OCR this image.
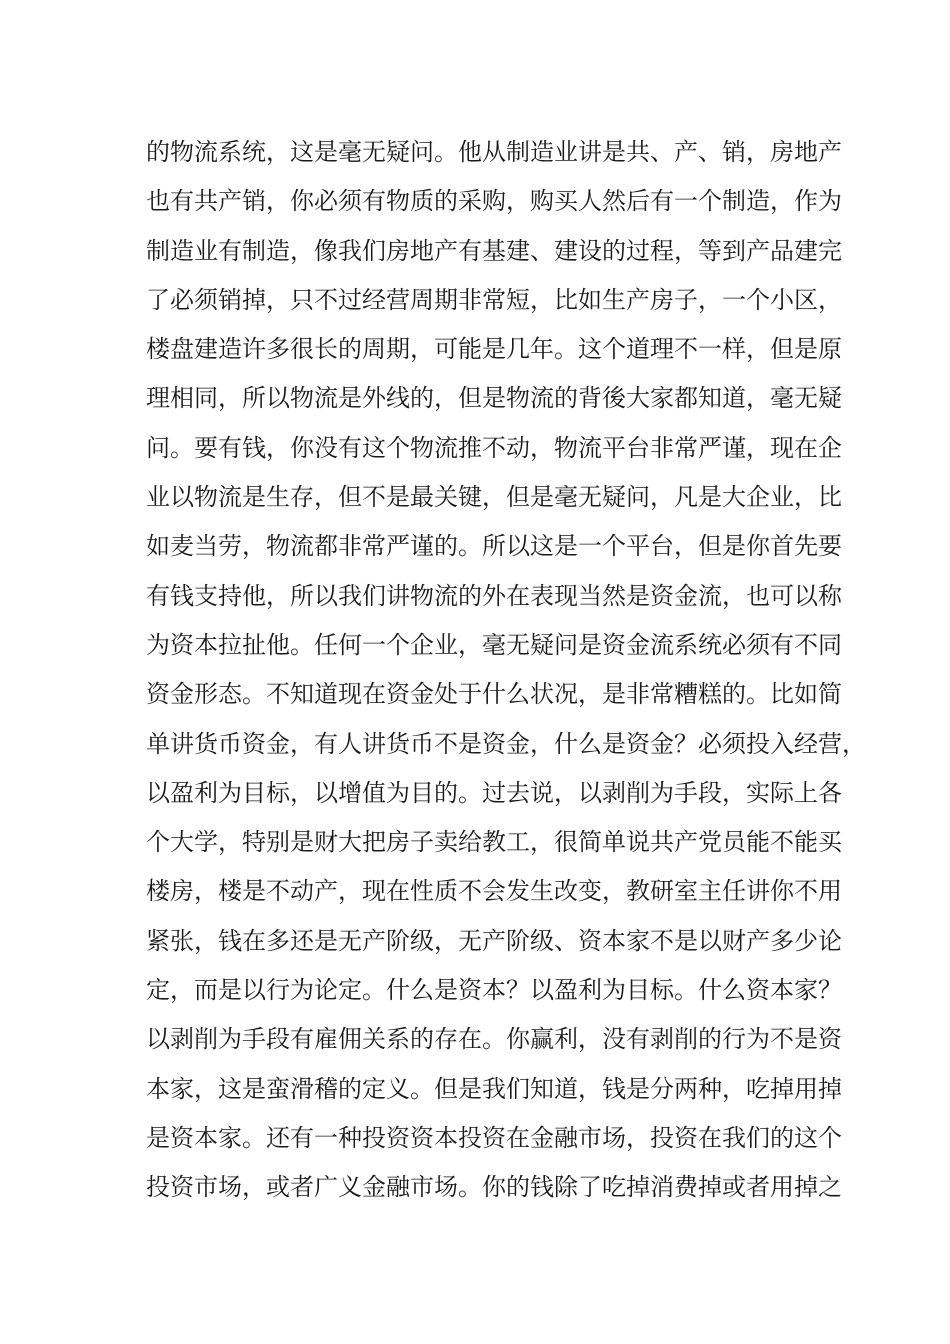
的物流系统，这是毫无疑问。他从制造业讲是共、产、销，房地产
也有共产销，你必须有物质的采购，购买人然后有一个制造，作为
制造业有制造，像我们房地产有基建、建设的过程，等到产品建完
了必须销掉，只不过经营周期非常短，比如生产房子，一个小区，
楼盘建造许多很长的周期，可能是几年。这个道理不一样，但是原
理相同，所以物流是外线的，但是物流的背後大家都知道，毫无疑
问。要有钱，你没有这个物流推不动，物流平台非常严谨，现在企
业以物流是生存，但不是最关键，但是毫无疑问，凡是大企业，比
如麦当劳，物流都非常严谨的。所以这是一个平台，但是你首先要
有钱支持他，所以我们讲物流的外在表现当然是资金流，也可以称
为资本拉扯他。任何一个企业，毫无疑问是资金流系统必须有不同
资金形态。不知道现在资金处于什么状况，是非常糟糕的。比如简
单讲货币资金，有人讲货币不是资金，什么是资金？必须投入经营，
以盈利为目标，以增值为目的。过去说，以剥削为手段，实际上各
个大学，特别是财大把房子卖给教工，很简单说共产党员能不能买
楼房，楼是不动产，现在性质不会发生改变，教研室主任讲你不用
紧张，钱在多还是无产阶级，无产阶级、资本家不是以财产多少论
定，而是以行为论定。什么是资本？以盈利为目标。什么资本家？
以剥削为手段有雇佣关系的存在。你赢利，没有剥削的行为不是资
本家，这是蛮滑稽的定义。但是我们知道，钱是分两种，吃掉用掉
是资本家。还有一种投资资本投资在金融市场，投资在我们的这个
投资市场，或者广义金融市场。你的钱除了吃掉消费掉或者用掉之
